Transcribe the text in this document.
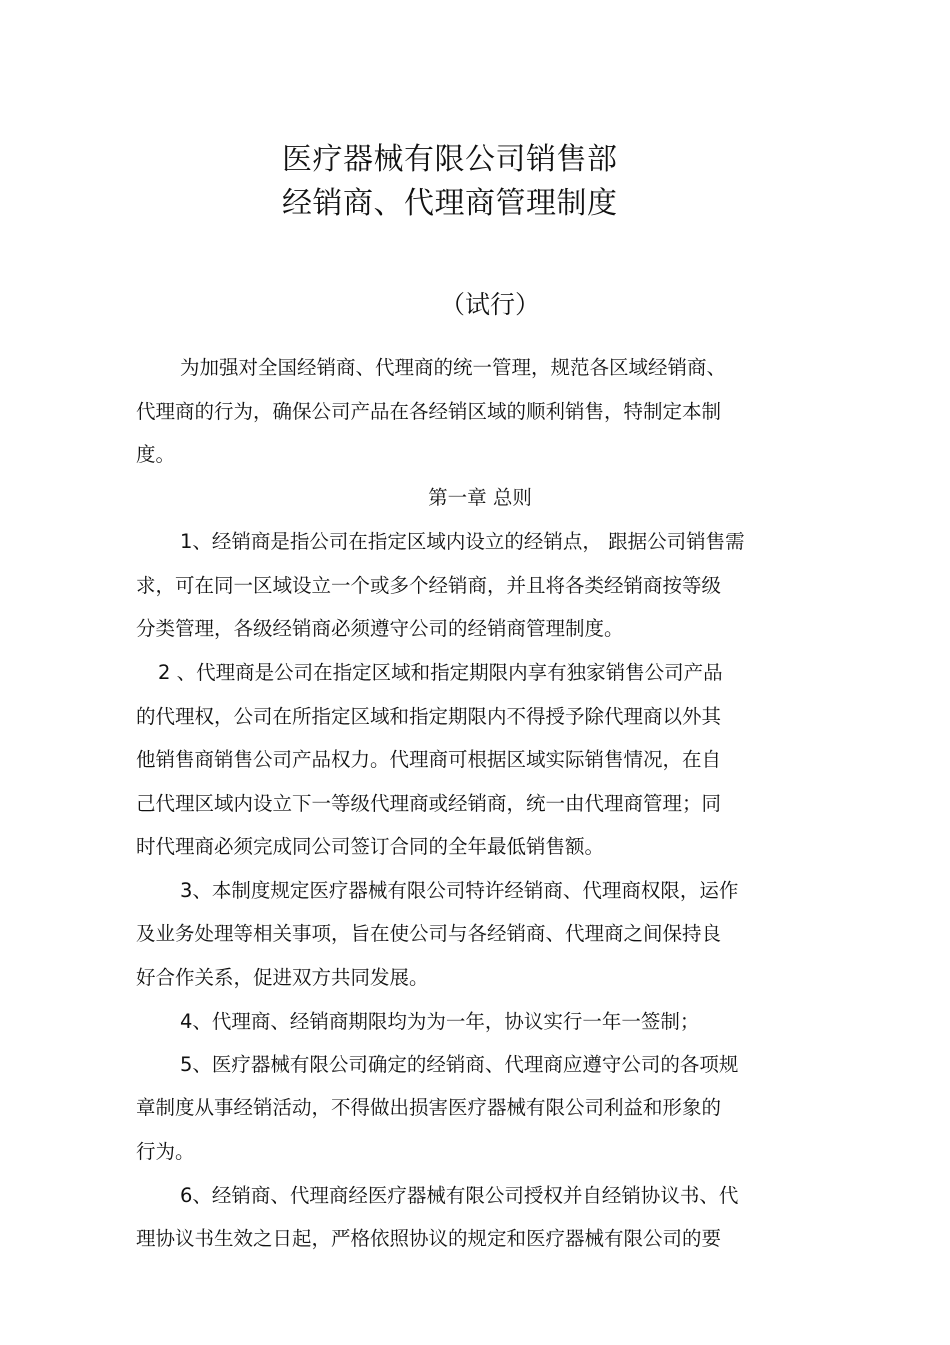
医疗器械有限公司销售部
经销商、代理商管理制度
（试行）
为加强对全国经销商、代理商的统一管理，规范各区域经销商、
代理商的行为，确保公司产品在各经销区域的顺利销售，特制定本制
度。
第一章 总则
1、经销商是指公司在指定区域内设立的经销点， 跟据公司销售需
求，可在同一区域设立一个或多个经销商，并且将各类经销商按等级
分类管理，各级经销商必须遵守公司的经销商管理制度。
2 、代理商是公司在指定区域和指定期限内享有独家销售公司产品
的代理权，公司在所指定区域和指定期限内不得授予除代理商以外其
他销售商销售公司产品权力。代理商可根据区域实际销售情况，在自
己代理区域内设立下一等级代理商或经销商，统一由代理商管理；同
时代理商必须完成同公司签订合同的全年最低销售额。
3、本制度规定医疗器械有限公司特许经销商、代理商权限，运作
及业务处理等相关事项，旨在使公司与各经销商、代理商之间保持良
好合作关系，促进双方共同发展。
4、代理商、经销商期限均为为一年，协议实行一年一签制；
5、医疗器械有限公司确定的经销商、代理商应遵守公司的各项规
章制度从事经销活动，不得做出损害医疗器械有限公司利益和形象的
行为。
6、经销商、代理商经医疗器械有限公司授权并自经销协议书、代
理协议书生效之日起，严格依照协议的规定和医疗器械有限公司的要
